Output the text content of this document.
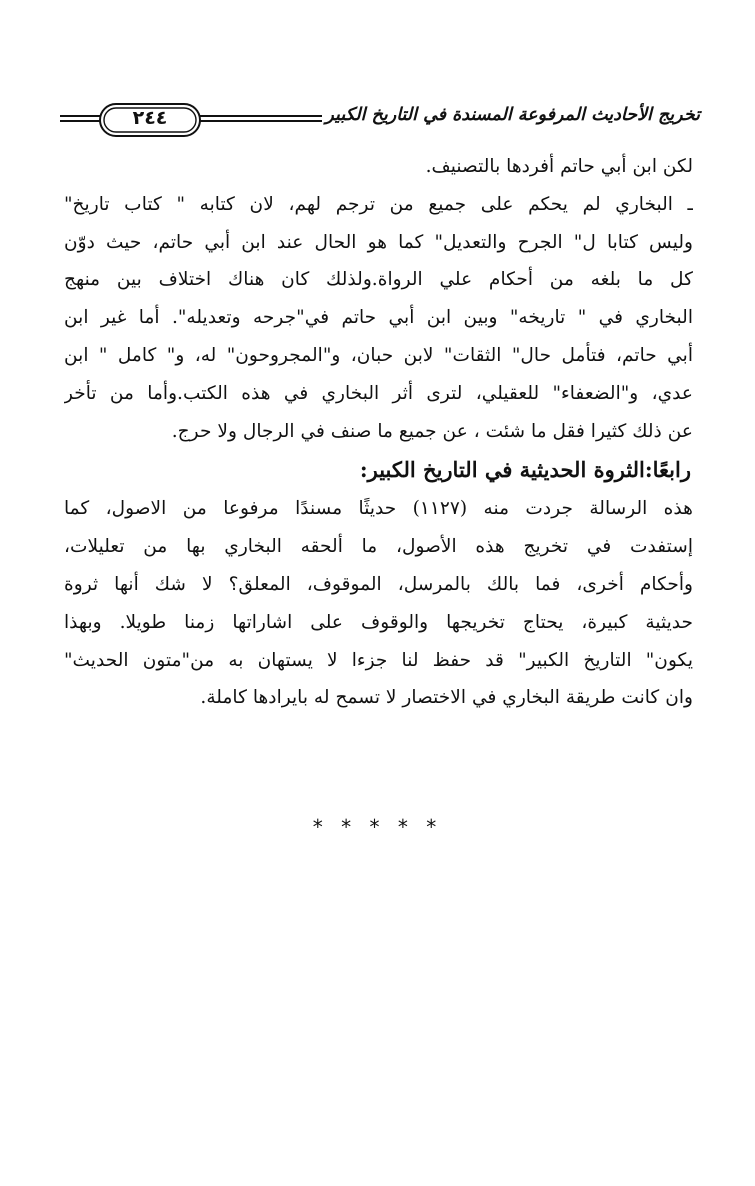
٢٤٤	تخريج الأحاديث المرفوعة المسندة في التاريخ الكبير
لكن ابن أبي حاتم أفردها بالتصنيف.
ـ البخاري لم يحكم على جميع من ترجم لهم، لان كتابه " كتاب تاريخ"
وليس كتابا ل" الجرح والتعديل" كما هو الحال عند ابن أبي حاتم، حيث دوّن
كل ما بلغه من أحكام علي الرواة.ولذلك كان هناك اختلاف بين منهج
البخاري في " تاريخه" وبين ابن أبي حاتم في"جرحه وتعديله". أما غير ابن
أبي حاتم، فتأمل حال" الثقات" لابن حبان، و"المجروحون" له، و" كامل " ابن
عدي، و"الضعفاء" للعقيلي، لترى أثر البخاري في هذه الكتب.وأما من تأخر
عن ذلك كثيرا فقل ما شئت ، عن جميع ما صنف في الرجال ولا حرج.
رابعًا:الثروة الحديثية في التاريخ الكبير:
هذه الرسالة جردت منه (١١٢٧) حديثًا مسندًا مرفوعا من الاصول، كما
إستفدت في تخريج هذه الأصول، ما ألحقه البخاري بها من تعليلات،
وأحكام أخرى، فما بالك بالمرسل، الموقوف، المعلق؟ لا شك أنها ثروة
حديثية كبيرة، يحتاج تخريجها والوقوف على اشاراتها زمنا طويلا. وبهذا
يكون" التاريخ الكبير" قد حفظ لنا جزءا لا يستهان به من"متون الحديث"
وان كانت طريقة البخاري في الاختصار لا تسمح له بايرادها كاملة.
* * * * *
